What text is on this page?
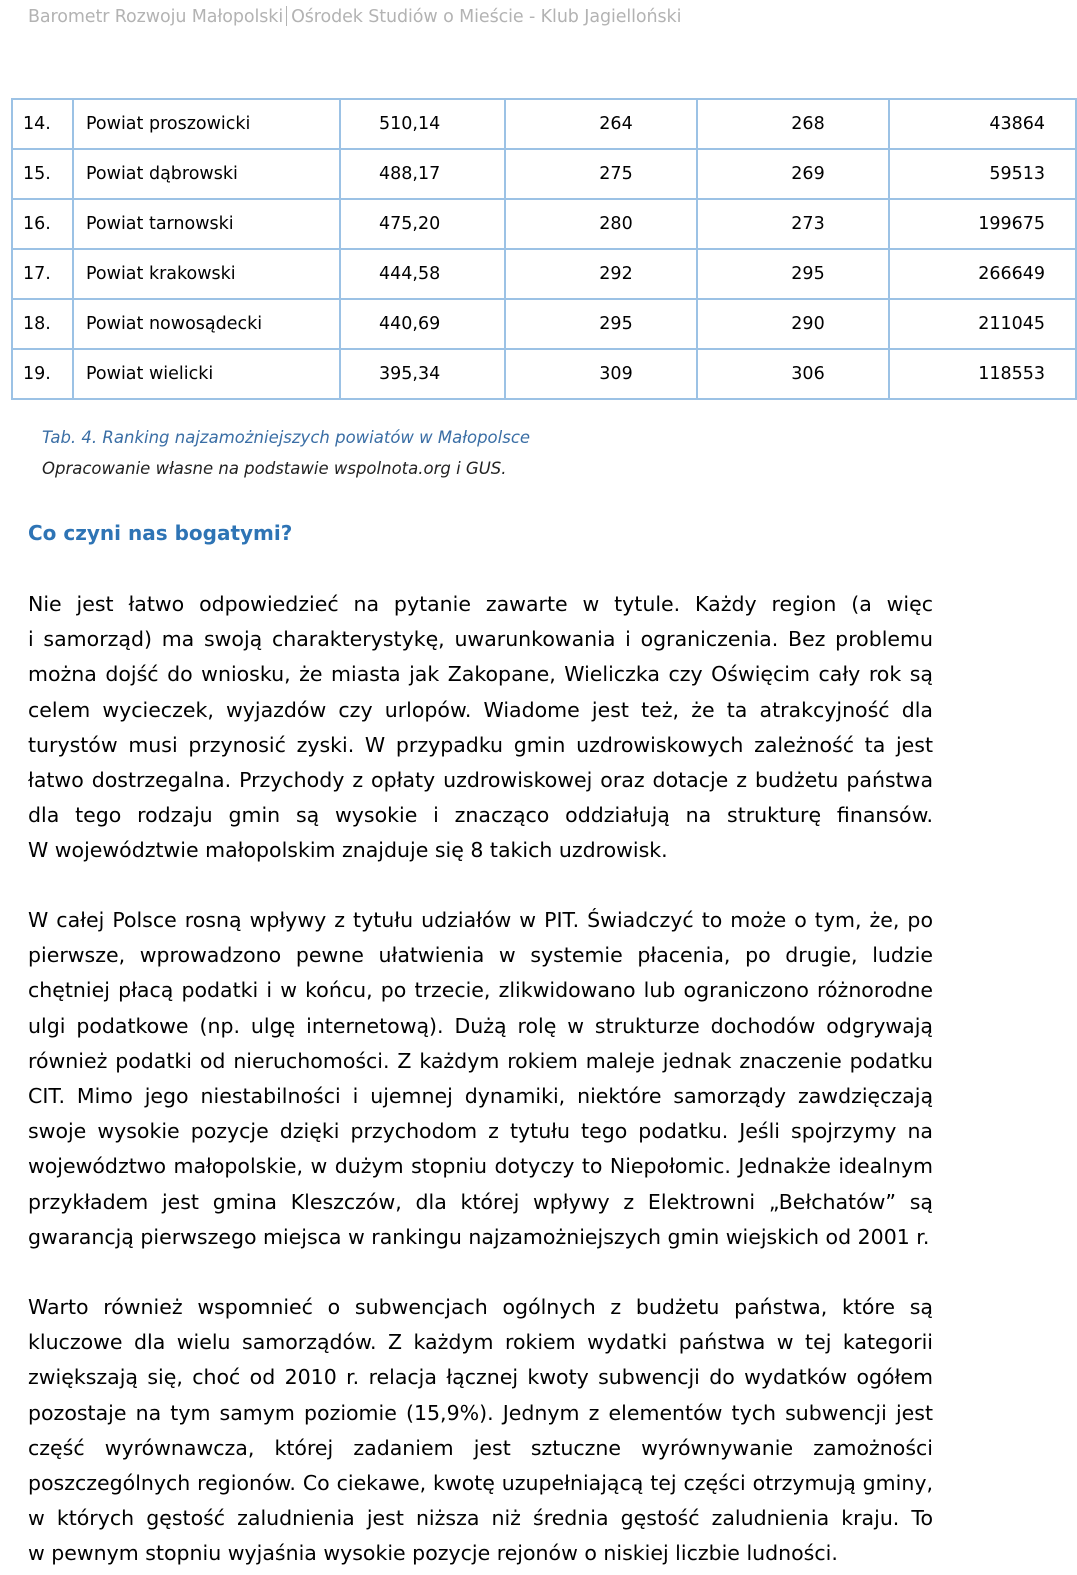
Barometr Rozwoju Małopolski Ośrodek Studiów o Mieście - Klub Jagielloński
14.	Powiat proszowicki	510,14	264	268	43864
15.	Powiat dąbrowski	488,17	275	269	59513
16.	Powiat tarnowski	475,20	280	273	199675
17.	Powiat krakowski	444,58	292	295	266649
18.	Powiat nowosądecki	440,69	295	290	211045
19.	Powiat wielicki	395,34	309	306	118553
Tab. 4. Ranking najzamożniejszych powiatów w Małopolsce
Opracowanie własne na podstawie wspolnota.org i GUS.
Co czyni nas bogatymi?
Nie jest łatwo odpowiedzieć na pytanie zawarte w tytule. Każdy region (a więc
i samorząd) ma swoją charakterystykę, uwarunkowania i ograniczenia. Bez problemu
można dojść do wniosku, że miasta jak Zakopane, Wieliczka czy Oświęcim cały rok są
celem wycieczek, wyjazdów czy urlopów. Wiadome jest też, że ta atrakcyjność dla
turystów musi przynosić zyski. W przypadku gmin uzdrowiskowych zależność ta jest
łatwo dostrzegalna. Przychody z opłaty uzdrowiskowej oraz dotacje z budżetu państwa
dla tego rodzaju gmin są wysokie i znacząco oddziałują na strukturę finansów.
W województwie małopolskim znajduje się 8 takich uzdrowisk.
W całej Polsce rosną wpływy z tytułu udziałów w PIT. Świadczyć to może o tym, że, po
pierwsze, wprowadzono pewne ułatwienia w systemie płacenia, po drugie, ludzie
chętniej płacą podatki i w końcu, po trzecie, zlikwidowano lub ograniczono różnorodne
ulgi podatkowe (np. ulgę internetową). Dużą rolę w strukturze dochodów odgrywają
również podatki od nieruchomości. Z każdym rokiem maleje jednak znaczenie podatku
CIT. Mimo jego niestabilności i ujemnej dynamiki, niektóre samorządy zawdzięczają
swoje wysokie pozycje dzięki przychodom z tytułu tego podatku. Jeśli spojrzymy na
województwo małopolskie, w dużym stopniu dotyczy to Niepołomic. Jednakże idealnym
przykładem jest gmina Kleszczów, dla której wpływy z Elektrowni „Bełchatów” są
gwarancją pierwszego miejsca w rankingu najzamożniejszych gmin wiejskich od 2001 r.
Warto również wspomnieć o subwencjach ogólnych z budżetu państwa, które są
kluczowe dla wielu samorządów. Z każdym rokiem wydatki państwa w tej kategorii
zwiększają się, choć od 2010 r. relacja łącznej kwoty subwencji do wydatków ogółem
pozostaje na tym samym poziomie (15,9%). Jednym z elementów tych subwencji jest
część wyrównawcza, której zadaniem jest sztuczne wyrównywanie zamożności
poszczególnych regionów. Co ciekawe, kwotę uzupełniającą tej części otrzymują gminy,
w których gęstość zaludnienia jest niższa niż średnia gęstość zaludnienia kraju. To
w pewnym stopniu wyjaśnia wysokie pozycje rejonów o niskiej liczbie ludności.
